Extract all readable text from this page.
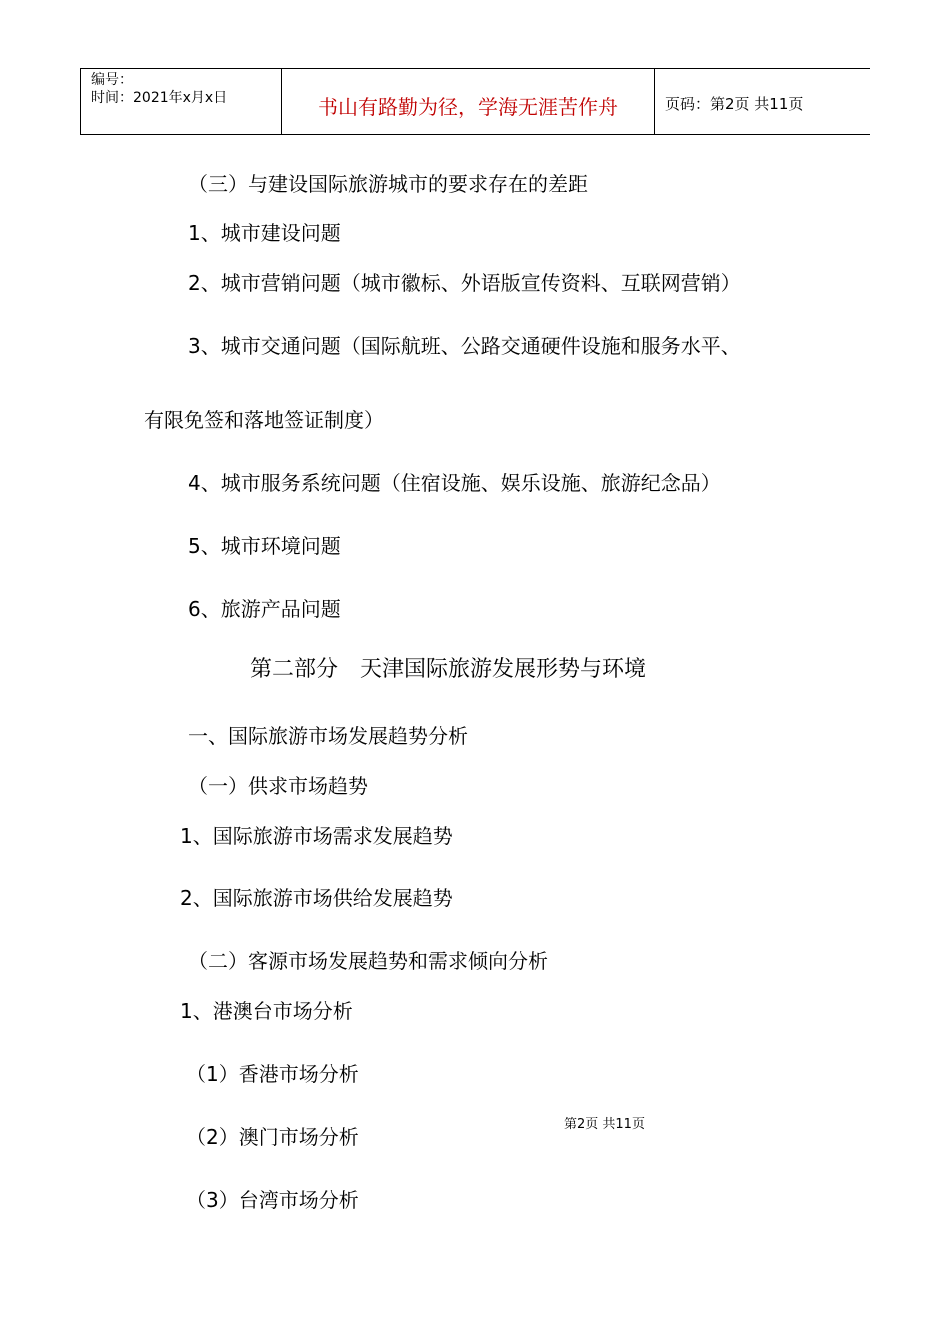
编号：
时间：2021年x月x日	书山有路勤为径，学海无涯苦作舟	页码：第2页 共11页
（三）与建设国际旅游城市的要求存在的差距
1、城市建设问题
2、城市营销问题（城市徽标、外语版宣传资料、互联网营销）
3、城市交通问题（国际航班、公路交通硬件设施和服务水平、
有限免签和落地签证制度）
4、城市服务系统问题（住宿设施、娱乐设施、旅游纪念品）
5、城市环境问题
6、旅游产品问题
第二部分　天津国际旅游发展形势与环境
一、国际旅游市场发展趋势分析
（一）供求市场趋势
1、国际旅游市场需求发展趋势
2、国际旅游市场供给发展趋势
（二）客源市场发展趋势和需求倾向分析
1、港澳台市场分析
（1）香港市场分析
（2）澳门市场分析
（3）台湾市场分析
第2页 共11页
